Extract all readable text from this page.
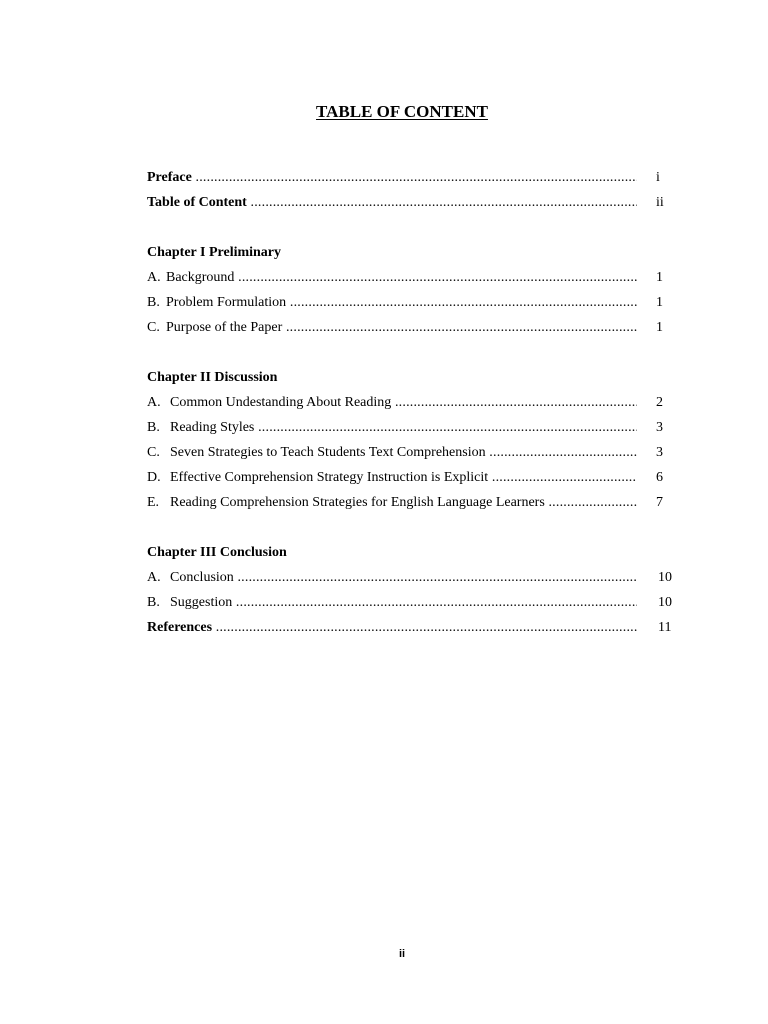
TABLE OF CONTENT
Preface .....	i
Table of Content .....	ii
Chapter I Preliminary
A. Background .....	1
B. Problem Formulation .....	1
C. Purpose of the Paper .....	1
Chapter II Discussion
A. Common Undestanding About Reading .....	2
B. Reading Styles .....	3
C. Seven Strategies to Teach Students Text Comprehension .....	3
D. Effective Comprehension Strategy Instruction is Explicit .....	6
E. Reading Comprehension Strategies for English Language Learners .....	7
Chapter III Conclusion
A. Conclusion .....	10
B. Suggestion .....	10
References .....	11
ii
